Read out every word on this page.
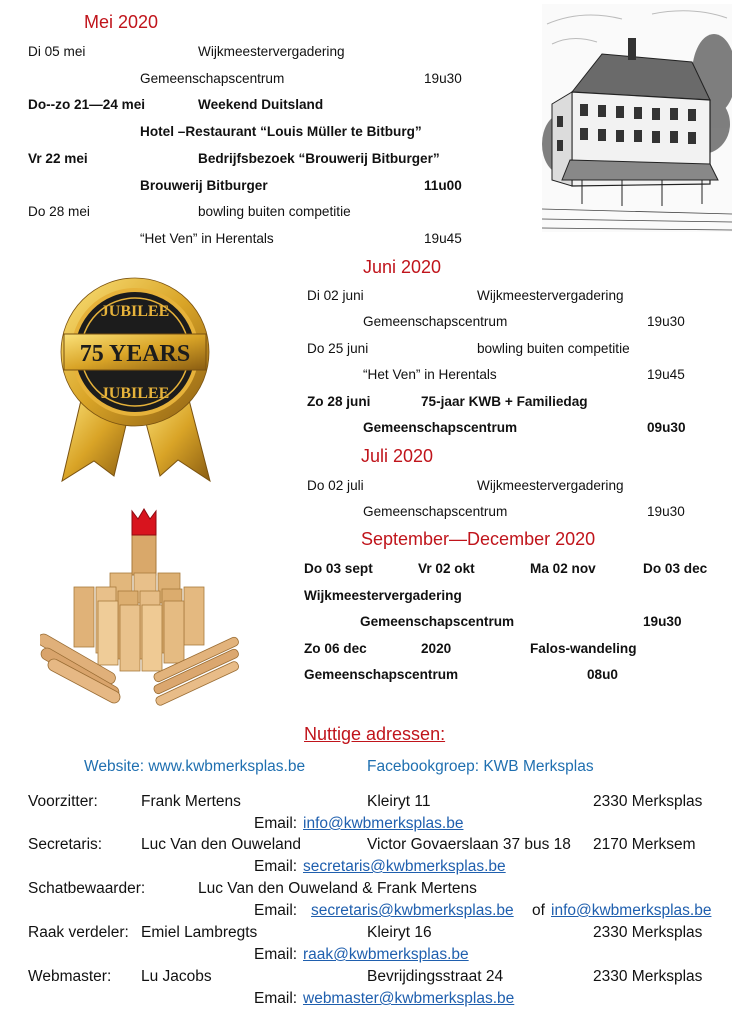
Mei 2020
Di 05 mei	Wijkmeestervergadering
Gemeenschapscentrum	19u30
Do--zo 21—24 mei	Weekend Duitsland
Hotel –Restaurant “Louis Müller te Bitburg”
Vr 22 mei	Bedrijfsbezoek “Brouwerij Bitburger”
Brouwerij Bitburger	11u00
Do 28 mei	bowling buiten competitie
“Het Ven” in Herentals	19u45
Juni 2020
Di 02 juni	Wijkmeestervergadering
Gemeenschapscentrum	19u30
Do 25 juni	bowling buiten competitie
“Het Ven” in Herentals	19u45
Zo 28 juni	75-jaar KWB + Familiedag
Gemeenschapscentrum	09u30
JUBILEE
75 YEARS
JUBILEE
Juli 2020
Do 02 juli	Wijkmeestervergadering
Gemeenschapscentrum	19u30
September—December 2020
Do 03 sept	Vr 02 okt	Ma 02 nov	Do 03 dec
Wijkmeestervergadering
Gemeenschapscentrum	19u30
Zo 06 dec	2020	Falos-wandeling
Gemeenschapscentrum	08u0
Nuttige adressen:
Website: www.kwbmerksplas.be	Facebookgroep: KWB Merksplas
Voorzitter:	Frank Mertens	Kleiryt 11	2330 Merksplas
Email: info@kwbmerksplas.be
Secretaris:	Luc Van den Ouweland	Victor Govaerslaan 37 bus 18 2170 Merksem
Email: secretaris@kwbmerksplas.be
Schatbewaarder:	Luc Van den Ouweland & Frank Mertens
Email: secretaris@kwbmerksplas.be of info@kwbmerksplas.be
Raak verdeler: Emiel Lambregts	Kleiryt 16	2330 Merksplas
Email: raak@kwbmerksplas.be
Webmaster: Lu Jacobs	Bevrijdingsstraat 24	2330 Merksplas
Email: webmaster@kwbmerksplas.be
